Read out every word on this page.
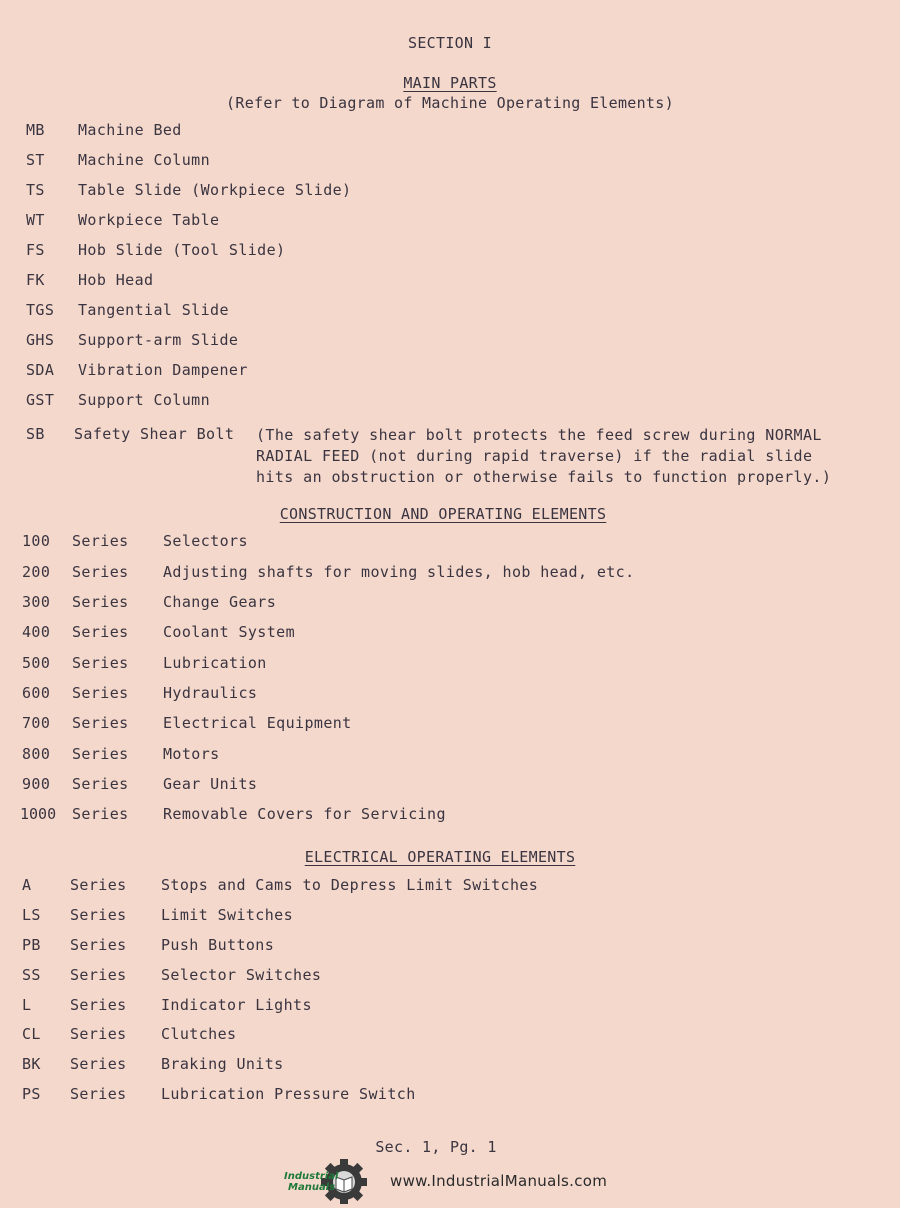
SECTION I
MAIN PARTS
(Refer to Diagram of Machine Operating Elements)
MB Machine Bed
ST Machine Column
TS Table Slide (Workpiece Slide)
WT Workpiece Table
FS Hob Slide (Tool Slide)
FK Hob Head
TGS Tangential Slide
GHS Support-arm Slide
SDA Vibration Dampener
GST Support Column
SB Safety Shear Bolt (The safety shear bolt protects the feed screw during NORMAL
RADIAL FEED (not during rapid traverse) if the radial slide
hits an obstruction or otherwise fails to function properly.)
CONSTRUCTION AND OPERATING ELEMENTS
100 Series Selectors
200 Series Adjusting shafts for moving slides, hob head, etc.
300 Series Change Gears
400 Series Coolant System
500 Series Lubrication
600 Series Hydraulics
700 Series Electrical Equipment
800 Series Motors
900 Series Gear Units
1000 Series Removable Covers for Servicing
ELECTRICAL OPERATING ELEMENTS
A	Series Stops and Cams to Depress Limit Switches
LS Series Limit Switches
PB Series Push Buttons
SS Series Selector Switches
L	Series Indicator Lights
CL Series Clutches
BK Series Braking Units
PS Series Lubrication Pressure Switch
Sec. 1, Pg. 1
Industrial
Manuals	www.IndustrialManuals.com
